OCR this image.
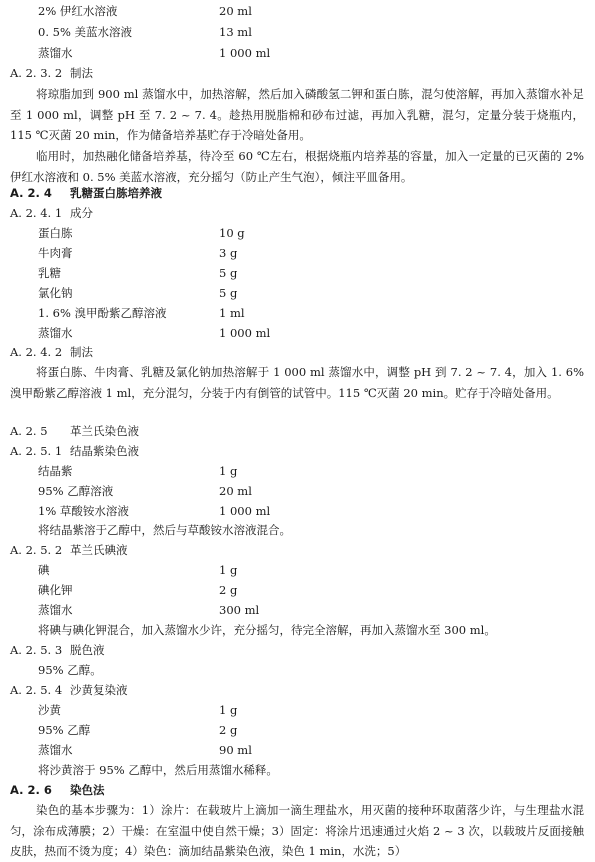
2% 伊红水溶液	20 ml
0. 5% 美蓝水溶液	13 ml
蒸馏水	1 000 ml
A. 2. 3. 2 制法
将琼脂加到 900 ml 蒸馏水中，加热溶解，然后加入磷酸氢二钾和蛋白胨，混匀使溶解，再加入蒸馏水补足至 1 000 ml，调整 pH 至 7. 2 ~ 7. 4。趁热用脱脂棉和砂布过滤，再加入乳糖，混匀，定量分装于烧瓶内，115 ℃灭菌 20 min，作为储备培养基贮存于冷暗处备用。
临用时，加热融化储备培养基，待冷至 60 ℃左右，根据烧瓶内培养基的容量，加入一定量的已灭菌的 2% 伊红水溶液和 0. 5% 美蓝水溶液，充分摇匀（防止产生气泡），倾注平皿备用。
A. 2. 4 乳糖蛋白胨培养液
A. 2. 4. 1 成分
蛋白胨	10 g
牛肉膏	3 g
乳糖	5 g
氯化钠	5 g
1. 6% 溴甲酚紫乙醇溶液	1 ml
蒸馏水	1 000 ml
A. 2. 4. 2 制法
将蛋白胨、牛肉膏、乳糖及氯化钠加热溶解于 1 000 ml 蒸馏水中，调整 pH 到 7. 2 ~ 7. 4，加入 1. 6% 溴甲酚紫乙醇溶液 1 ml，充分混匀，分装于内有倒管的试管中。115 ℃灭菌 20 min。贮存于冷暗处备用。
A. 2. 5 革兰氏染色液
A. 2. 5. 1 结晶紫染色液
结晶紫	1 g
95% 乙醇溶液	20 ml
1% 草酸铵水溶液	1 000 ml
将结晶紫溶于乙醇中，然后与草酸铵水溶液混合。
A. 2. 5. 2 革兰氏碘液
碘	1 g
碘化钾	2 g
蒸馏水	300 ml
将碘与碘化钾混合，加入蒸馏水少许，充分摇匀，待完全溶解，再加入蒸馏水至 300 ml。
A. 2. 5. 3 脱色液
95% 乙醇。
A. 2. 5. 4 沙黄复染液
沙黄	1 g
95% 乙醇	2 g
蒸馏水	90 ml
将沙黄溶于 95% 乙醇中，然后用蒸馏水稀释。
A. 2. 6 染色法
染色的基本步骤为：1）涂片：在载玻片上滴加一滴生理盐水，用灭菌的接种环取菌落少许，与生理盐水混匀，涂布成薄膜；2）干燥：在室温中使自然干燥；3）固定：将涂片迅速通过火焰 2 ~ 3 次，以载玻片反面接触皮肤，热而不烫为度；4）染色：滴加结晶紫染色液，染色 1 min，水洗；5）
